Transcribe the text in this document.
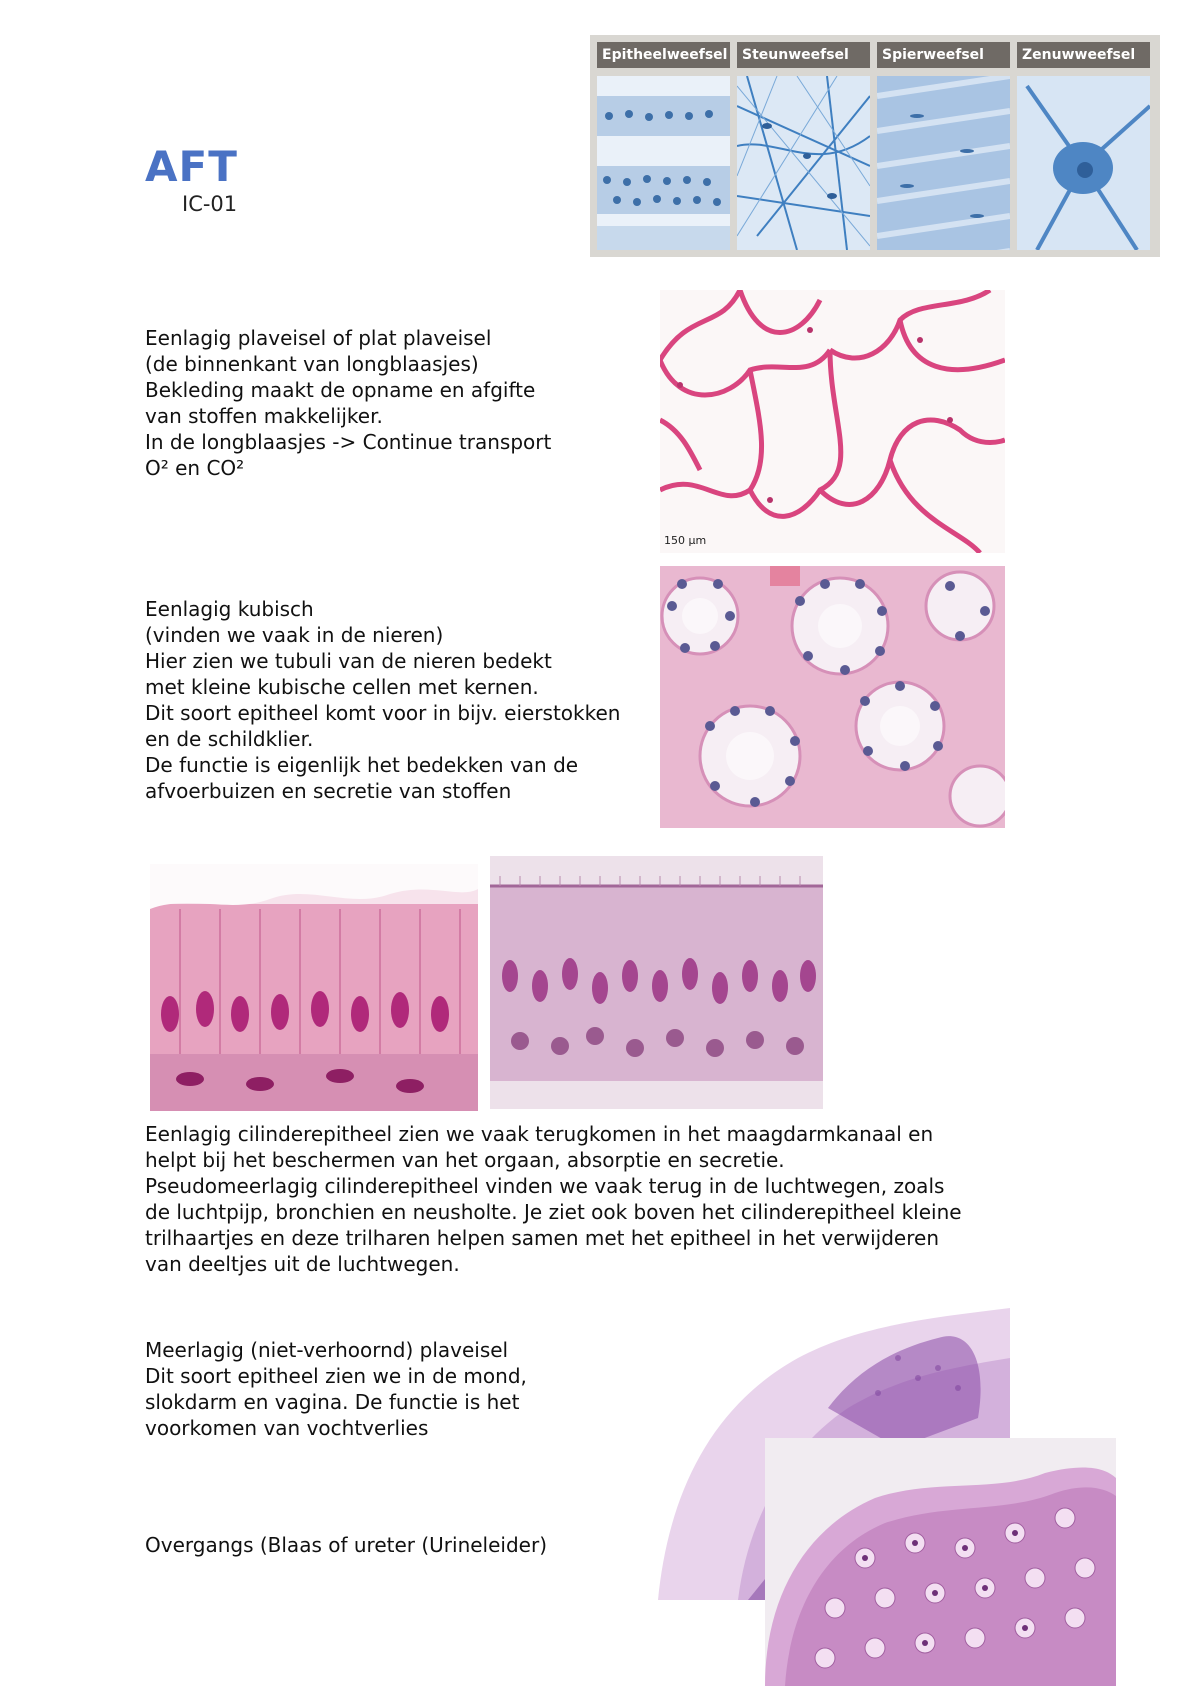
AFT
IC-01
Epitheelweefsel	Steunweefsel	Spierweefsel	Zenuwweefsel
Eenlagig plaveisel of plat plaveisel
(de binnenkant van longblaasjes)
Bekleding maakt de opname en afgifte
van stoffen makkelijker.
In de longblaasjes -> Continue transport
O² en CO²
150 µm
Eenlagig kubisch
(vinden we vaak in de nieren)
Hier zien we tubuli van de nieren bedekt
met kleine kubische cellen met kernen.
Dit soort epitheel komt voor in bijv. eierstokken
en de schildklier.
De functie is eigenlijk het bedekken van de
afvoerbuizen en secretie van stoffen
Eenlagig cilinderepitheel zien we vaak terugkomen in het maagdarmkanaal en
helpt bij het beschermen van het orgaan, absorptie en secretie.
Pseudomeerlagig cilinderepitheel vinden we vaak terug in de luchtwegen, zoals
de luchtpijp, bronchien en neusholte. Je ziet ook boven het cilinderepitheel kleine
trilhaartjes en deze trilharen helpen samen met het epitheel in het verwijderen
van deeltjes uit de luchtwegen.
Meerlagig (niet-verhoornd) plaveisel
Dit soort epitheel zien we in de mond,
slokdarm en vagina. De functie is het
voorkomen van vochtverlies
Overgangs (Blaas of ureter (Urineleider)
